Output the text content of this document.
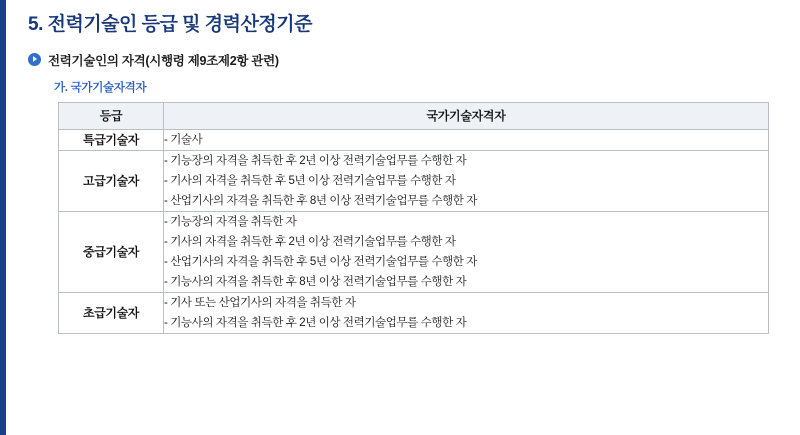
5. 전력기술인 등급 및 경력산정기준
전력기술인의 자격(시행령 제9조제2항 관련)
가. 국가기술자격자
등급	국가기술자격자
특급기술자	- 기술사

고급기술자	- 기능장의 자격을 취득한 후 2년 이상 전력기술업무를 수행한 자
- 기사의 자격을 취득한 후 5년 이상 전력기술업무를 수행한 자
- 산업기사의 자격을 취득한 후 8년 이상 전력기술업무를 수행한 자

중급기술자	- 기능장의 자격을 취득한 자
- 기사의 자격을 취득한 후 2년 이상 전력기술업무를 수행한 자
- 산업기사의 자격을 취득한 후 5년 이상 전력기술업무를 수행한 자
- 기능사의 자격을 취득한 후 8년 이상 전력기술업무를 수행한 자

초급기술자	- 기사 또는 산업기사의 자격을 취득한 자
- 기능사의 자격을 취득한 후 2년 이상 전력기술업무를 수행한 자
